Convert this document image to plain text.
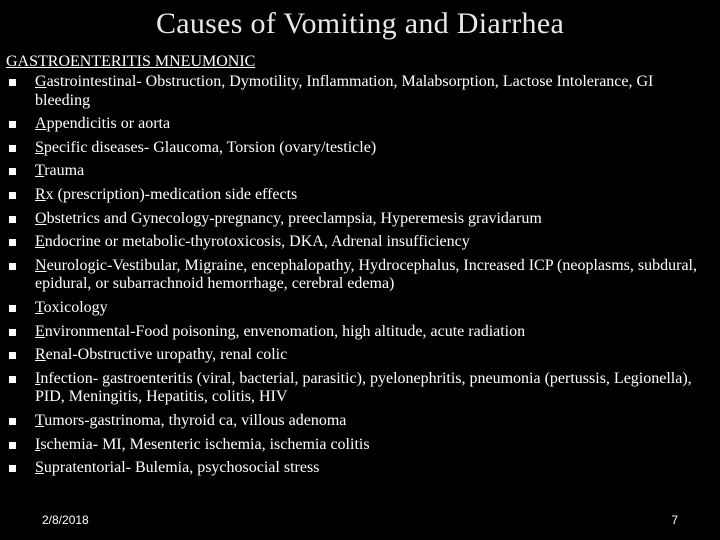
Causes of Vomiting and Diarrhea
GASTROENTERITIS MNEUMONIC
Gastrointestinal- Obstruction, Dymotility, Inflammation, Malabsorption, Lactose Intolerance, GI bleeding
Appendicitis or aorta
Specific diseases- Glaucoma, Torsion (ovary/testicle)
Trauma
Rx (prescription)-medication side effects
Obstetrics and Gynecology-pregnancy, preeclampsia, Hyperemesis gravidarum
Endocrine or metabolic-thyrotoxicosis, DKA, Adrenal insufficiency
Neurologic-Vestibular, Migraine, encephalopathy, Hydrocephalus, Increased ICP (neoplasms, subdural, epidural, or subarrachnoid hemorrhage, cerebral edema)
Toxicology
Environmental-Food poisoning, envenomation, high altitude, acute radiation
Renal-Obstructive uropathy, renal colic
Infection- gastroenteritis (viral, bacterial, parasitic), pyelonephritis, pneumonia (pertussis, Legionella), PID, Meningitis, Hepatitis, colitis, HIV
Tumors-gastrinoma, thyroid ca, villous adenoma
Ischemia- MI, Mesenteric ischemia, ischemia colitis
Supratentorial- Bulemia, psychosocial stress
2/8/2018	7
